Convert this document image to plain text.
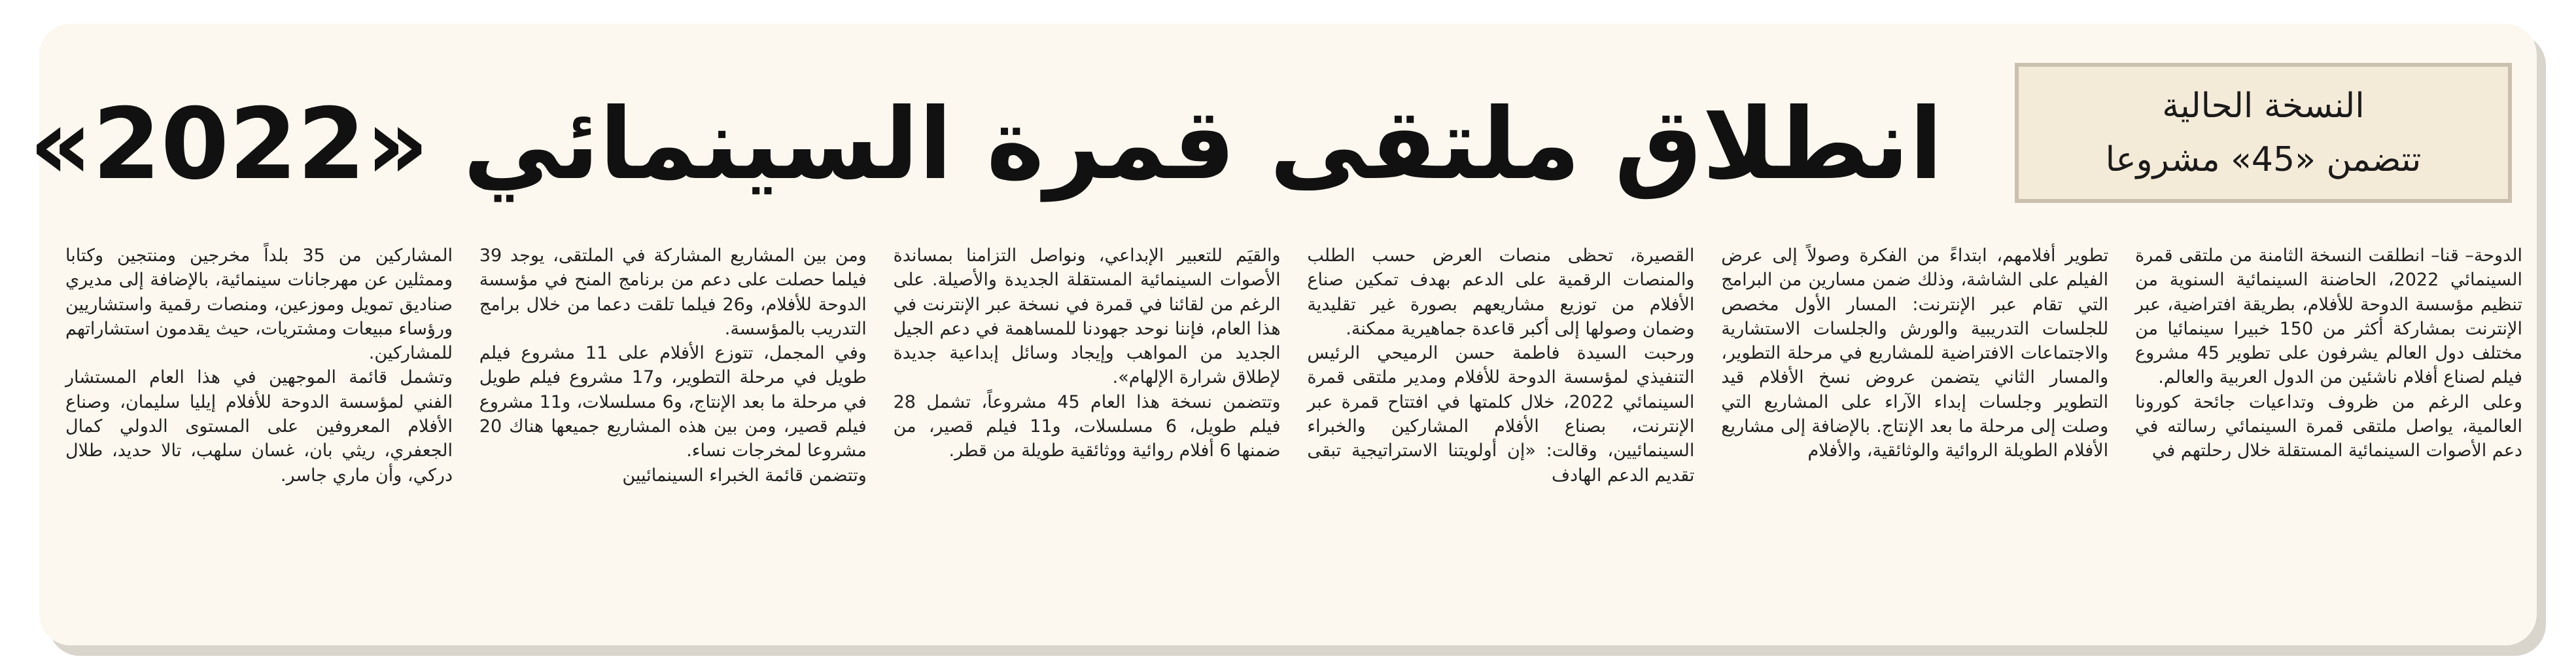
انطلاق ملتقى قمرة السينمائي «2022»	النسخة الحالية
تتضمن «45» مشروعا

الدوحة– قنا– انطلقت النسخة الثامنة من ملتقى قمرة السينمائي 2022، الحاضنة السينمائية السنوية من تنظيم مؤسسة الدوحة للأفلام، بطريقة افتراضية، عبر الإنترنت بمشاركة أكثر من 150 خبيرا سينمائيا من مختلف دول العالم يشرفون على تطوير 45 مشروع فيلم لصناع أفلام ناشئين من الدول العربية والعالم.

وعلى الرغم من ظروف وتداعيات جائحة كورونا العالمية، يواصل ملتقى قمرة السينمائي رسالته في دعم الأصوات السينمائية المستقلة خلال رحلتهم في

تطوير أفلامهم، ابتداءً من الفكرة وصولاً إلى عرض الفيلم على الشاشة، وذلك ضمن مسارين من البرامج التي تقام عبر الإنترنت: المسار الأول مخصص للجلسات التدريبية والورش والجلسات الاستشارية والاجتماعات الافتراضية للمشاريع في مرحلة التطوير، والمسار الثاني يتضمن عروض نسخ الأفلام قيد التطوير وجلسات إبداء الآراء على المشاريع التي وصلت إلى مرحلة ما بعد الإنتاج. بالإضافة إلى مشاريع الأفلام الطويلة الروائية والوثائقية، والأفلام

القصيرة، تحظى منصات العرض حسب الطلب والمنصات الرقمية على الدعم بهدف تمكين صناع الأفلام من توزيع مشاريعهم بصورة غير تقليدية وضمان وصولها إلى أكبر قاعدة جماهيرية ممكنة.

ورحبت السيدة فاطمة حسن الرميحي الرئيس التنفيذي لمؤسسة الدوحة للأفلام ومدير ملتقى قمرة السينمائي 2022، خلال كلمتها في افتتاح قمرة عبر الإنترنت، بصناع الأفلام المشاركين والخبراء السينمائيين، وقالت: «إن أولويتنا الاستراتيجية تبقى تقديم الدعم الهادف

والقيَم للتعبير الإبداعي، ونواصل التزامنا بمساندة الأصوات السينمائية المستقلة الجديدة والأصيلة. على الرغم من لقائنا في قمرة في نسخة عبر الإنترنت في هذا العام، فإننا نوحد جهودنا للمساهمة في دعم الجيل الجديد من المواهب وإيجاد وسائل إبداعية جديدة لإطلاق شرارة الإلهام».

وتتضمن نسخة هذا العام 45 مشروعاً، تشمل 28 فيلم طويل، 6 مسلسلات، و11 فيلم قصير، من ضمنها 6 أفلام روائية ووثائقية طويلة من قطر.

ومن بين المشاريع المشاركة في الملتقى، يوجد 39 فيلما حصلت على دعم من برنامج المنح في مؤسسة الدوحة للأفلام، و26 فيلما تلقت دعما من خلال برامج التدريب بالمؤسسة.

وفي المجمل، تتوزع الأفلام على 11 مشروع فيلم طويل في مرحلة التطوير، و17 مشروع فيلم طويل في مرحلة ما بعد الإنتاج، و6 مسلسلات، و11 مشروع فيلم قصير، ومن بين هذه المشاريع جميعها هناك 20 مشروعا لمخرجات نساء.

وتتضمن قائمة الخبراء السينمائيين

المشاركين من 35 بلداً مخرجين ومنتجين وكتابا وممثلين عن مهرجانات سينمائية، بالإضافة إلى مديري صناديق تمويل وموزعين، ومنصات رقمية واستشاريين ورؤساء مبيعات ومشتريات، حيث يقدمون استشاراتهم للمشاركين.

وتشمل قائمة الموجهين في هذا العام المستشار الفني لمؤسسة الدوحة للأفلام إيليا سليمان، وصناع الأفلام المعروفين على المستوى الدولي كمال الجعفري، ريثي بان، غسان سلهب، تالا حديد، طلال دركي، وأن ماري جاسر.
